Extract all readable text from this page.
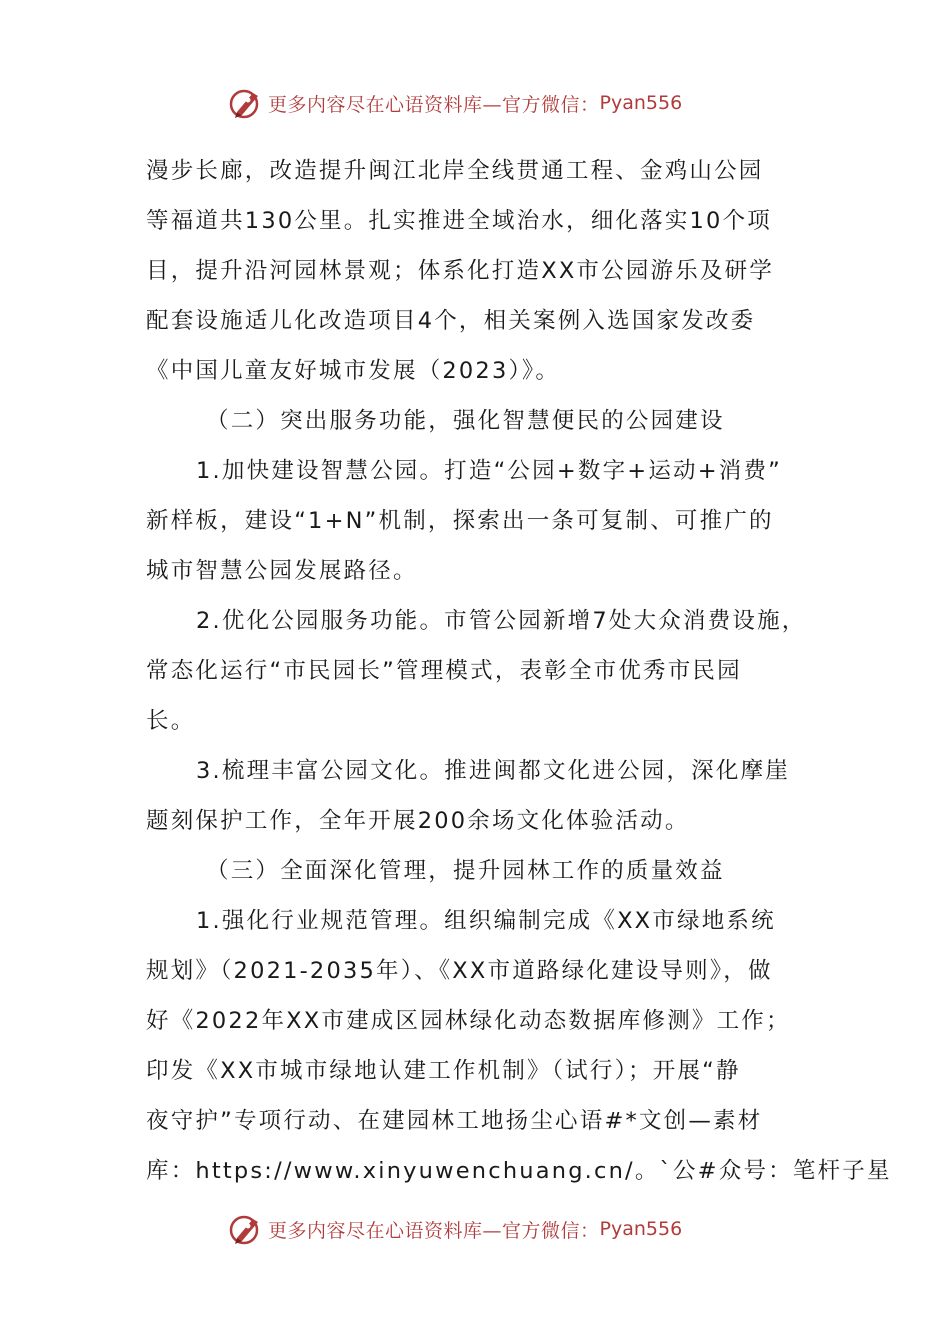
更多内容尽在心语资料库—官方微信： Pyan556
漫步长廊，改造提升闽江北岸全线贯通工程、金鸡山公园
等福道共130公里。扎实推进全域治水，细化落实10个项
目，提升沿河园林景观；体系化打造XX市公园游乐及研学
配套设施适儿化改造项目4个，相关案例入选国家发改委
《中国儿童友好城市发展（2023）》。
（二）突出服务功能，强化智慧便民的公园建设
1.加快建设智慧公园。打造“公园+数字+运动+消费”
新样板，建设“1+N”机制，探索出一条可复制、可推广的
城市智慧公园发展路径。
2.优化公园服务功能。市管公园新增7处大众消费设施，
常态化运行“市民园长”管理模式，表彰全市优秀市民园
长。
3.梳理丰富公园文化。推进闽都文化进公园，深化摩崖
题刻保护工作，全年开展200余场文化体验活动。
（三）全面深化管理，提升园林工作的质量效益
1.强化行业规范管理。组织编制完成《XX市绿地系统
规划》（2021-2035年）、《XX市道路绿化建设导则》，做
好《2022年XX市建成区园林绿化动态数据库修测》工作；
印发《XX市城市绿地认建工作机制》（试行）；开展“静
夜守护”专项行动、在建园林工地扬尘心语#*文创—素材
库：https://www.xinyuwenchuang.cn/。`公#众号：笔杆子星
更多内容尽在心语资料库—官方微信： Pyan556
